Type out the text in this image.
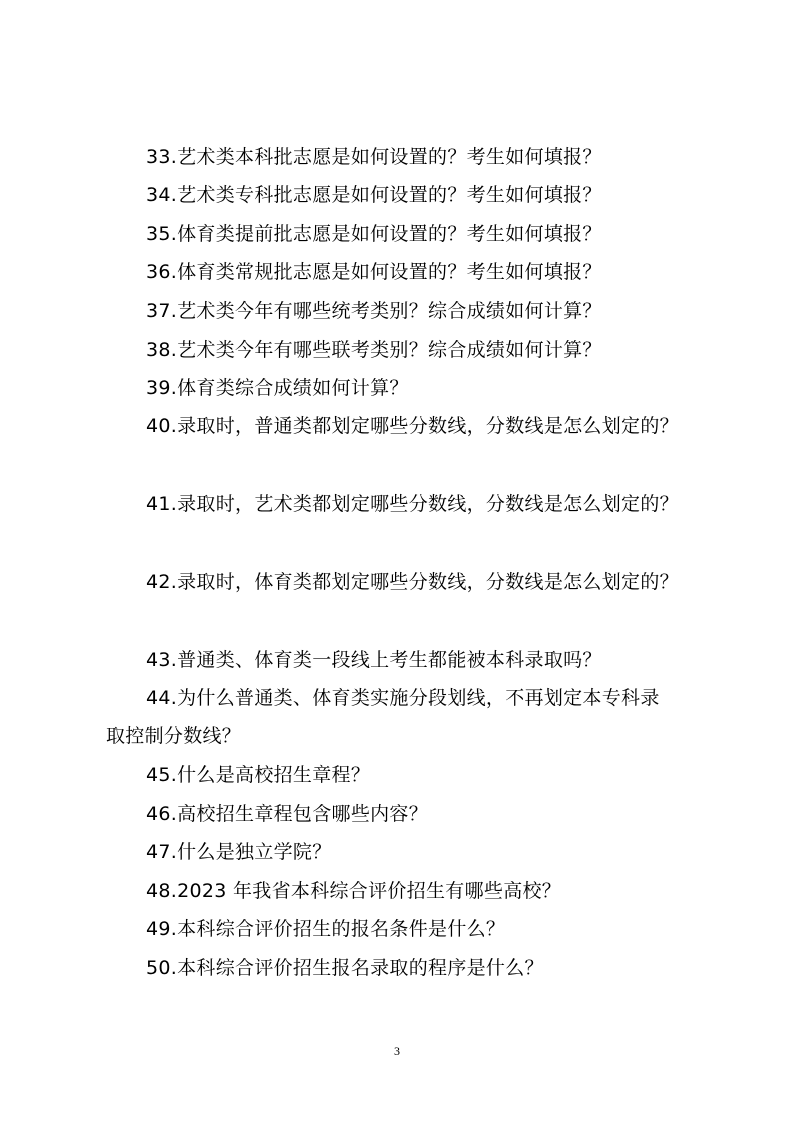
33.艺术类本科批志愿是如何设置的？考生如何填报？
34.艺术类专科批志愿是如何设置的？考生如何填报？
35.体育类提前批志愿是如何设置的？考生如何填报？
36.体育类常规批志愿是如何设置的？考生如何填报？
37.艺术类今年有哪些统考类别？综合成绩如何计算？
38.艺术类今年有哪些联考类别？综合成绩如何计算？
39.体育类综合成绩如何计算？
40.录取时，普通类都划定哪些分数线，分数线是怎么划定的？
41.录取时，艺术类都划定哪些分数线，分数线是怎么划定的？
42.录取时，体育类都划定哪些分数线，分数线是怎么划定的？
43.普通类、体育类一段线上考生都能被本科录取吗？
44.为什么普通类、体育类实施分段划线，不再划定本专科录
取控制分数线？
45.什么是高校招生章程？
46.高校招生章程包含哪些内容？
47.什么是独立学院？
48.2023 年我省本科综合评价招生有哪些高校？
49.本科综合评价招生的报名条件是什么？
50.本科综合评价招生报名录取的程序是什么？
3
